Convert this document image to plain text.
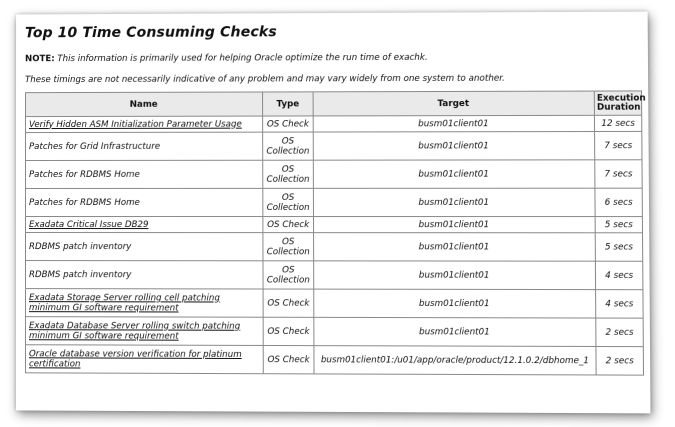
Top 10 Time Consuming Checks
NOTE: This information is primarily used for helping Oracle optimize the run time of exachk.
These timings are not necessarily indicative of any problem and may vary widely from one system to another.
Name	Type	Target	Execution
Duration
Verify Hidden ASM Initialization Parameter Usage	OS Check	busm01client01	12 secs
Patches for Grid Infrastructure	OS Collection	busm01client01	7 secs
Patches for RDBMS Home	OS Collection	busm01client01	7 secs
Patches for RDBMS Home	OS Collection	busm01client01	6 secs
Exadata Critical Issue DB29	OS Check	busm01client01	5 secs
RDBMS patch inventory	OS Collection	busm01client01	5 secs
RDBMS patch inventory	OS Collection	busm01client01	4 secs
Exadata Storage Server rolling cell patching minimum GI software requirement	OS Check	busm01client01	4 secs
Exadata Database Server rolling switch patching minimum GI software requirement	OS Check	busm01client01	2 secs
Oracle database version verification for platinum certification	OS Check	busm01client01:/u01/app/oracle/product/12.1.0.2/dbhome_1	2 secs
